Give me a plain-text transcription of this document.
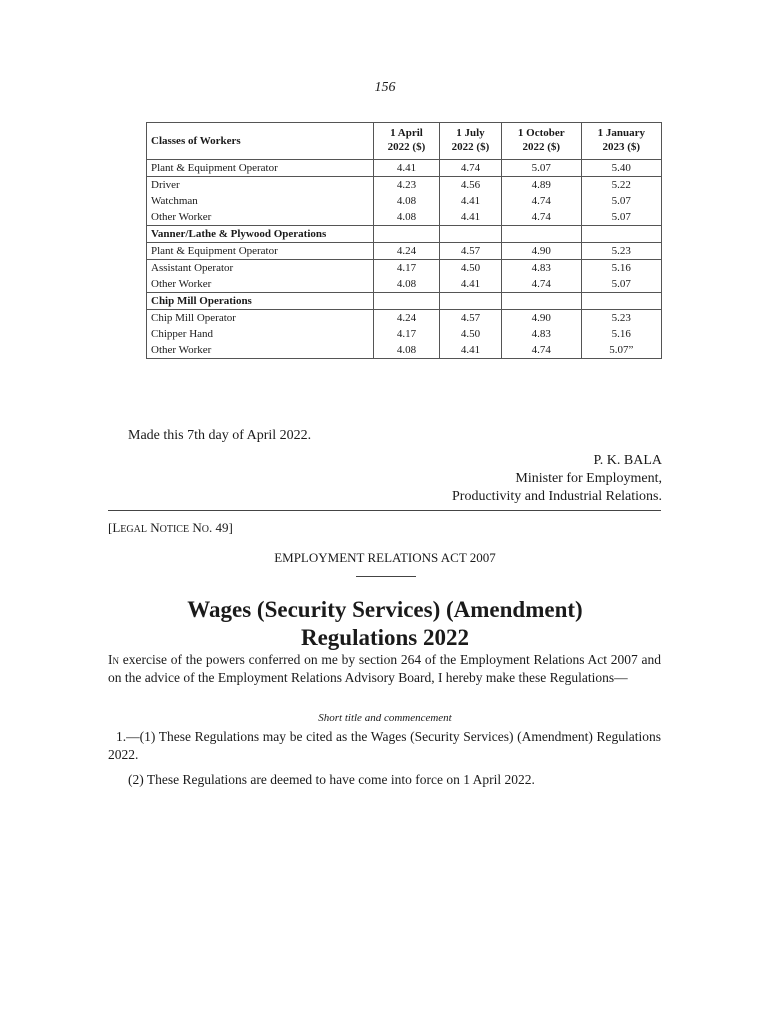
156
Classes of Workers	1 April 2022 ($)	1 July 2022 ($)	1 October 2022 ($)	1 January 2023 ($)
Plant & Equipment Operator	4.41	4.74	5.07	5.40
Driver	4.23	4.56	4.89	5.22
Watchman	4.08	4.41	4.74	5.07
Other Worker	4.08	4.41	4.74	5.07
Vanner/Lathe & Plywood Operations				
Plant & Equipment Operator	4.24	4.57	4.90	5.23
Assistant Operator	4.17	4.50	4.83	5.16
Other Worker	4.08	4.41	4.74	5.07
Chip Mill Operations				
Chip Mill Operator	4.24	4.57	4.90	5.23
Chipper Hand	4.17	4.50	4.83	5.16
Other Worker	4.08	4.41	4.74	5.07”
Made this 7th day of April 2022.
P. K. BALA
Minister for Employment,
Productivity and Industrial Relations.
[LEGAL NOTICE NO. 49]
EMPLOYMENT RELATIONS ACT 2007
Wages (Security Services) (Amendment)
Regulations 2022
In exercise of the powers conferred on me by section 264 of the Employment Relations Act 2007 and on the advice of the Employment Relations Advisory Board, I hereby make these Regulations—
Short title and commencement
1.—(1) These Regulations may be cited as the Wages (Security Services) (Amendment) Regulations 2022.
(2) These Regulations are deemed to have come into force on 1 April 2022.
